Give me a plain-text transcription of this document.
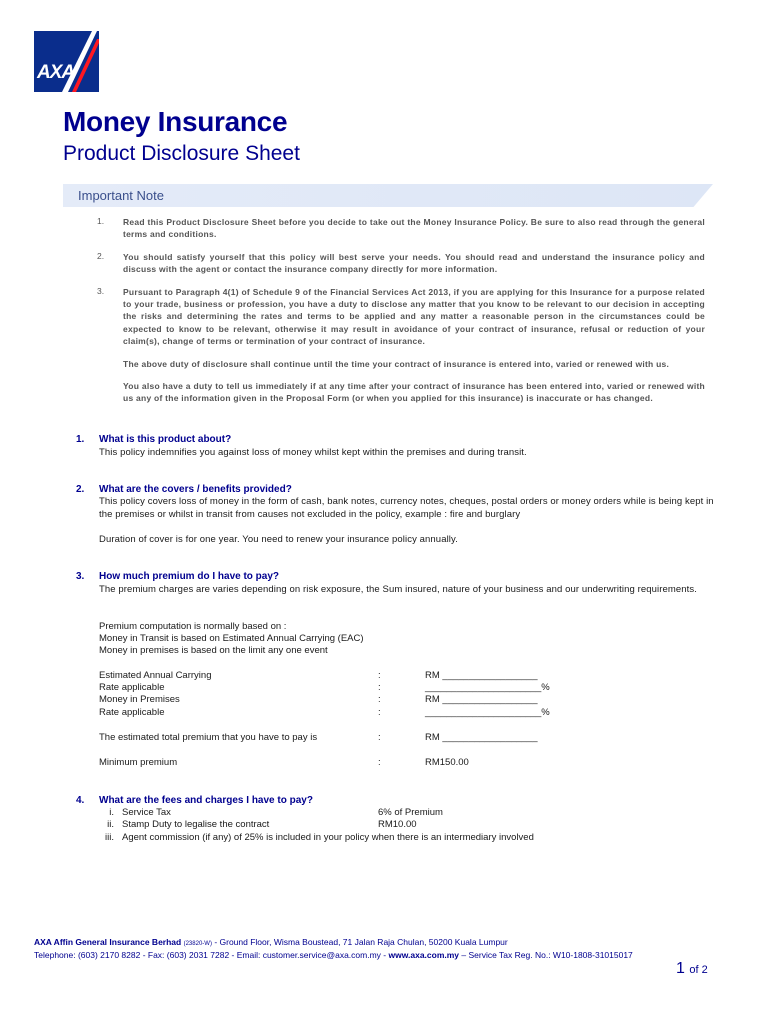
AXA
Money Insurance
Product Disclosure Sheet
Important Note
1. Read this Product Disclosure Sheet before you decide to take out the Money Insurance Policy. Be sure to also read through the general terms and conditions.
2. You should satisfy yourself that this policy will best serve your needs. You should read and understand the insurance policy and discuss with the agent or contact the insurance company directly for more information.
3. Pursuant to Paragraph 4(1) of Schedule 9 of the Financial Services Act 2013, if you are applying for this Insurance for a purpose related to your trade, business or profession, you have a duty to disclose any matter that you know to be relevant to our decision in accepting the risks and determining the rates and terms to be applied and any matter a reasonable person in the circumstances could be expected to know to be relevant, otherwise it may result in avoidance of your contract of insurance, refusal or reduction of your claim(s), change of terms or termination of your contract of insurance.
The above duty of disclosure shall continue until the time your contract of insurance is entered into, varied or renewed with us.
You also have a duty to tell us immediately if at any time after your contract of insurance has been entered into, varied or renewed with us any of the information given in the Proposal Form (or when you applied for this insurance) is inaccurate or has changed.
1. What is this product about?
This policy indemnifies you against loss of money whilst kept within the premises and during transit.
2. What are the covers / benefits provided?
This policy covers loss of money in the form of cash, bank notes, currency notes, cheques, postal orders or money orders while is being kept in the premises or whilst in transit from causes not excluded in the policy, example : fire and burglary
Duration of cover is for one year. You need to renew your insurance policy annually.
3. How much premium do I have to pay?
The premium charges are varies depending on risk exposure, the Sum insured, nature of your business and our underwriting requirements.
Premium computation is normally based on :
Money in Transit is based on Estimated Annual Carrying (EAC)
Money in premises is based on the limit any one event
Estimated Annual Carrying	:	RM __________________
Rate applicable	:	______________________%
Money in Premises	:	RM __________________
Rate applicable	:	______________________%
The estimated total premium that you have to pay is	:	RM __________________
Minimum premium	:	RM150.00
4. What are the fees and charges I have to pay?
i. Service Tax	6% of Premium
ii. Stamp Duty to legalise the contract	RM10.00
iii. Agent commission (if any) of 25% is included in your policy when there is an intermediary involved
AXA Affin General Insurance Berhad (23820-W) - Ground Floor, Wisma Boustead, 71 Jalan Raja Chulan, 50200 Kuala Lumpur
Telephone: (603) 2170 8282 - Fax: (603) 2031 7282 - Email: customer.service@axa.com.my - www.axa.com.my – Service Tax Reg. No.: W10-1808-31015017
1 of 2
